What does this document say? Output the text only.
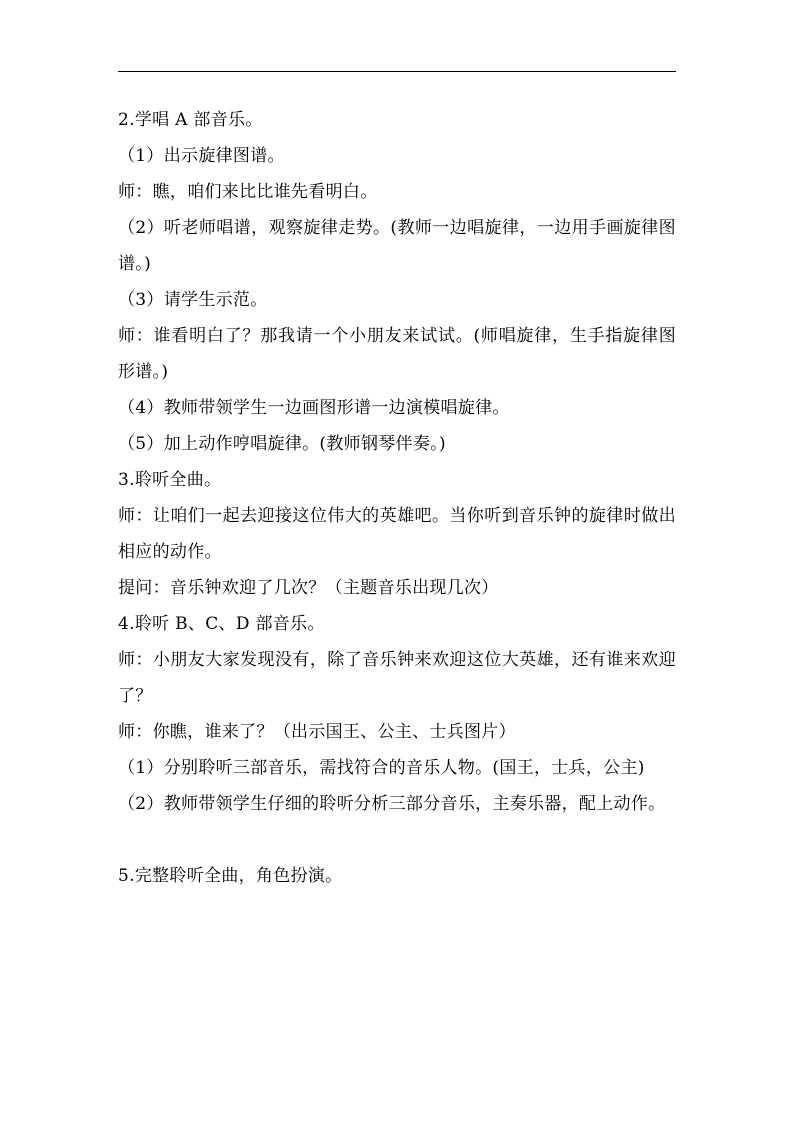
2.学唱 A 部音乐。
（1）出示旋律图谱。
师：瞧，咱们来比比谁先看明白。
（2）听老师唱谱，观察旋律走势。(教师一边唱旋律，一边用手画旋律图谱。)
（3）请学生示范。
师：谁看明白了？那我请一个小朋友来试试。(师唱旋律，生手指旋律图形谱。)
（4）教师带领学生一边画图形谱一边演模唱旋律。
（5）加上动作哼唱旋律。(教师钢琴伴奏。)
3.聆听全曲。
师：让咱们一起去迎接这位伟大的英雄吧。当你听到音乐钟的旋律时做出相应的动作。
提问：音乐钟欢迎了几次？（主题音乐出现几次）
4.聆听 B、C、D 部音乐。
师：小朋友大家发现没有，除了音乐钟来欢迎这位大英雄，还有谁来欢迎了？
师：你瞧，谁来了？（出示国王、公主、士兵图片）
（1）分别聆听三部音乐，需找符合的音乐人物。(国王，士兵，公主)
（2）教师带领学生仔细的聆听分析三部分音乐，主奏乐器，配上动作。
5.完整聆听全曲，角色扮演。
